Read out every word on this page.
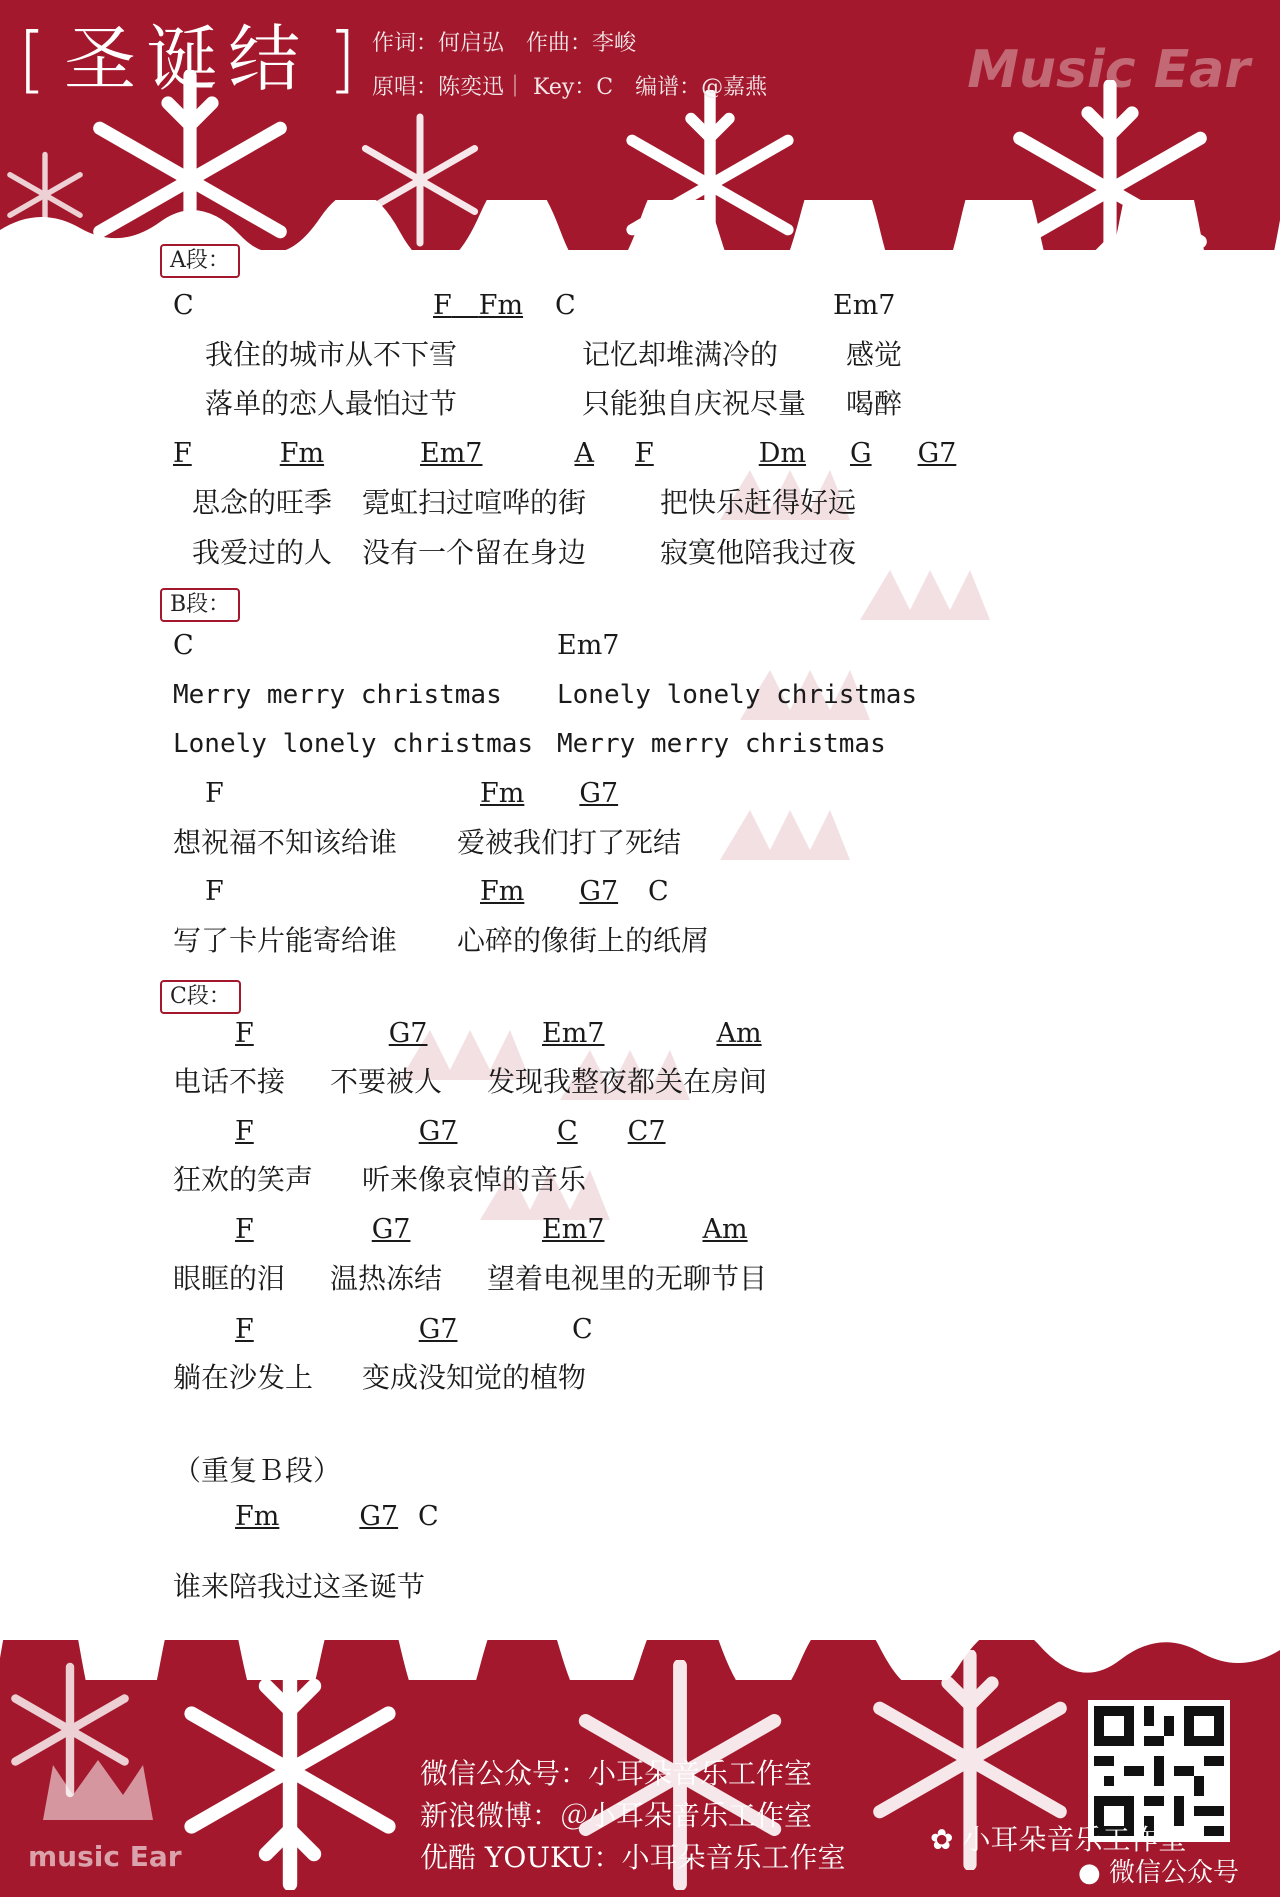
[ 圣诞结 ] 作词：何启弘　作曲：李峻
原唱：陈奕迅｜ Key：C　编谱：@嘉燕	Music Ear
A段：
C	F　 Fm C	Em7
我住的城市从不下雪	记忆却堆满冷的 感觉
落单的恋人最怕过节	只能独自庆祝尽量 喝醉
F	Fm	Em7	A F	Dm G G7
思念的旺季 霓虹扫过喧哗的街	把快乐赶得好远
我爱过的人 没有一个留在身边	寂寞他陪我过夜
B段：
C	Em7
Merry merry christmas Lonely lonely christmas
Lonely lonely christmas Merry merry christmas
F	Fm G7
想祝福不知该给谁 爱被我们打了死结
F	Fm G7 C
写了卡片能寄给谁 心碎的像街上的纸屑
C段：
F	G7	Em7	Am
电话不接 不要被人 发现我整夜都关在房间
F	G7	C C7
狂欢的笑声 听来像哀悼的音乐
F	G7	Em7	Am
眼眶的泪 温热冻结 望着电视里的无聊节目
F	G7	C
躺在沙发上 变成没知觉的植物
（重复Ｂ段）
Fm	G7 C
谁来陪我过这圣诞节
music Ear
微信公众号：小耳朵音乐工作室
新浪微博：＠小耳朵音乐工作室
优酷 YOUKU：小耳朵音乐工作室
✿ 小耳朵音乐工作室
● 微信公众号
